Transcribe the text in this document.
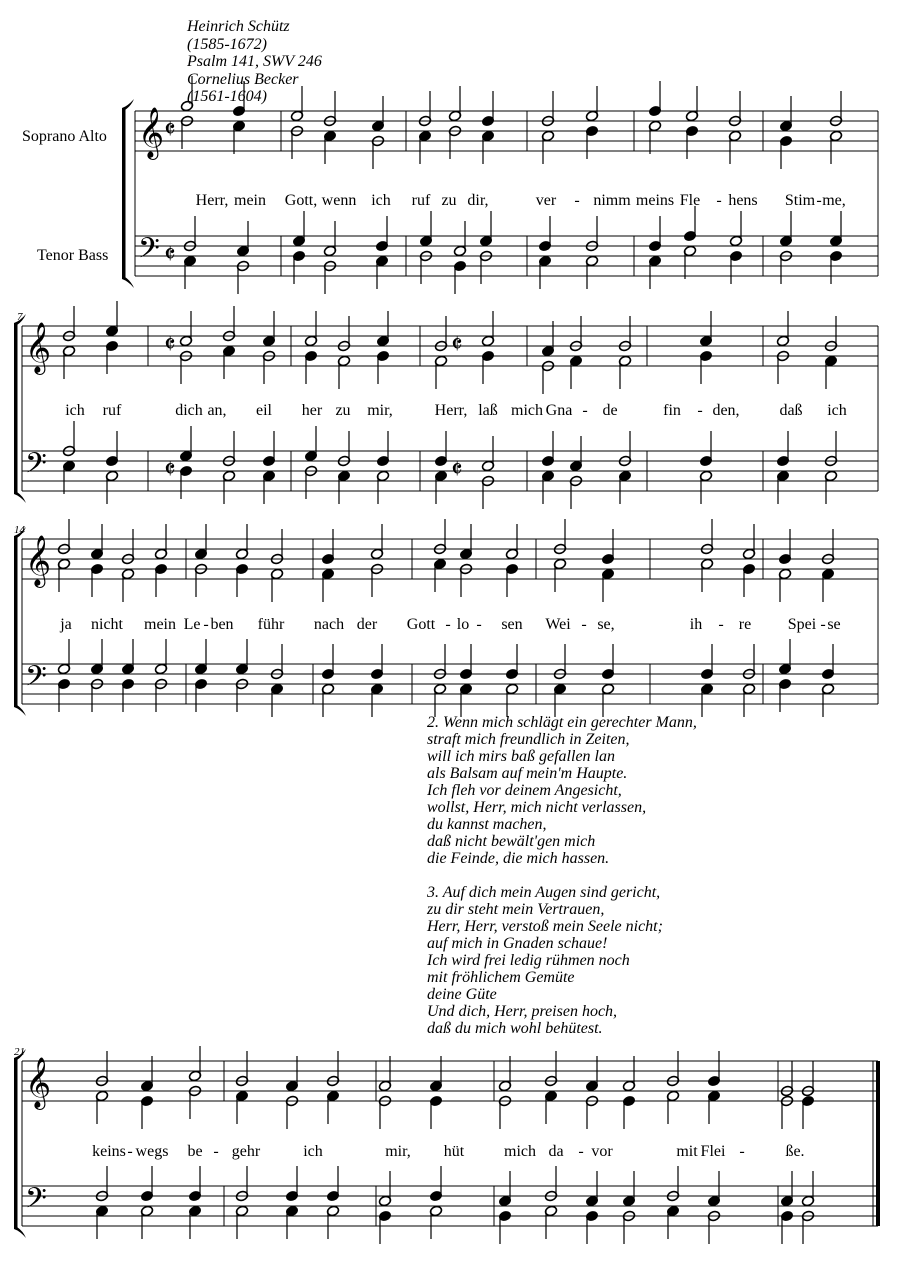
Heinrich Schütz
(1585-1672)
Psalm 141, SWV 246
Cornelius Becker
(1561-1604)
Soprano Alto
Tenor Bass
7
14
21
𝄞
𝄢
𝄵
𝄵
Herr, mein Gott, wenn ich ruf zu dir,	ver - nimm meins Fle - hens Stim - me,
𝄞
𝄢
𝄵
𝄵
𝄵
𝄵
ich ruf	dich an, eil her zu mir,	Herr, laß mich Gna - de	fin - den, daß ich
𝄞
𝄢
ja nicht mein Le - ben führ nach der Gott - lo - sen Wei - se,	ih - re Spei - se
𝄞
𝄢
keins - wegs be - gehr	ich	mir, hüt mich da - vor	mit Flei -	ße.
2. Wenn mich schlägt ein gerechter Mann,
straft mich freundlich in Zeiten,
will ich mirs baß gefallen lan
als Balsam auf mein'm Haupte.
Ich fleh vor deinem Angesicht,
wollst, Herr, mich nicht verlassen,
du kannst machen,
daß nicht bewält'gen mich
die Feinde, die mich hassen.
3. Auf dich mein Augen sind gericht,
zu dir steht mein Vertrauen,
Herr, Herr, verstoß mein Seele nicht;
auf mich in Gnaden schaue!
Ich wird frei ledig rühmen noch
mit fröhlichem Gemüte
deine Güte
Und dich, Herr, preisen hoch,
daß du mich wohl behütest.
